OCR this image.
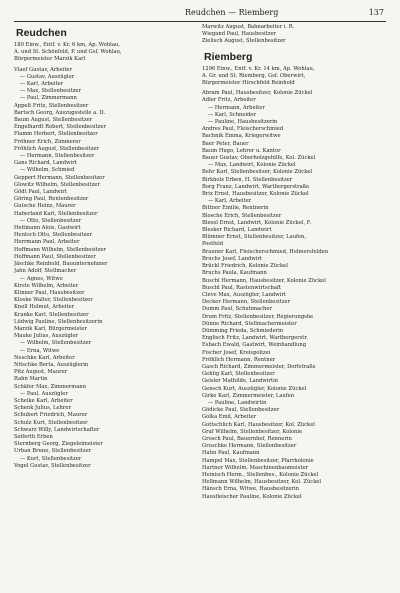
Reudchen — Riemberg	137
Reudchen
180 Einw., Entf. v. Kr. 6 km, Ap. Wohlau,
A. und St. Schönfeld, P. und Gsf. Wohlau,
Bürgermeister Marzik Karl
Vlaef Gustav, Arbeiter
— Gustav, Auszügler
— Karl, Arbeiter
— Max, Stellenbesitzer
— Paul, Zimmermann
Appelt Fritz, Stellenbesitzer
Bartsch Georg, Auszugsstelle a. D.
Baum August, Stellenbesitzer
Engelhardt Robert, Stellenbesitzer
Flamm Herbert, Stellenbesitzer
Fröhner Erich, Zimmerer
Fröhlich August, Stellenbesitzer
— Hermann, Stellenbesitzer
Gans Richard, Landwirt
— Wilhelm, Schmied
Geppert Hermann, Stellenbesitzer
Glowitz Wilhelm, Stellenbesitzer
Gödt Paul, Landwirt
Göring Paul, Rentenbesitzer
Gutsche Heinz, Maurer
Haberland Karl, Stellenbesitzer
— Otto, Stellenbesitzer
Heitmann Alois, Gastwirt
Hentsch Otto, Stellenbesitzer
Herrmann Paul, Arbeiter
Hoffmann Wilhelm, Stellenbesitzer
Hoffmann Paul, Stellenbesitzer
Jäschke Reinhold, Bauunternehmer
Jahn Adolf, Stellmacher
— Agnes, Witwe
Kirste Wilhelm, Arbeiter
Klinner Paul, Hausbesitzer
Kloske Walter, Stellenbesitzer
Knoll Helmut, Arbeiter
Kranke Karl, Stellenbesitzer
Lüdwig Pauline, Stellenbesitzerin
Marzik Karl, Bürgermeister
Mauke Julius, Auszügler
— Wilhelm, Stellenbesitzer
— Erna, Witwe
Neschke Karl, Arbeiter
Nitschke Berta, Auszüglerin
Pitz August, Maurer
Rahn Martin
Schäfer Max, Zimmermann
— Paul, Auszügler
Scheike Karl, Arbeiter
Schenk Julius, Lehrer
Schubert Friedrich, Maurer
Schulz Kurt, Stellenbesitzer
Schwarz Willy, Landwirtschafter
Seiferth Erben
Sternberg Georg, Ziegeleimeister
Urban Bruno, Stellenbesitzer
— Kurt, Stellenbesitzer
Vogel Gustav, Stellenbesitzer
Marwitz August, Bahnarbeiter i. R.
Wiegand Paul, Hausbesitzer
Zielisch August, Stellenbesitzer
Riemberg
1296 Einw., Entf. v. Kr. 14 km, Ap. Wohlau,
A. Gr. und St. Riemberg, Gsf. Oberwirt,
Bürgermeister Hirschfeld Reinhold
Abram Paul, Hausbesitzer, Kolonie Zückel
Adler Fritz, Arbeiter
— Hermann, Arbeiter
— Karl, Schneider
— Pauline, Hausbesitzerin
Andres Paul, Fleischerschmied
Bachnik Emma, Kriegerwitwe
Baer Peter, Bauer
Baum Hugo, Lehrer u. Kantor
Bauer Gustav, Oberholzgehilfe, Kol. Zückel
— Max, Landwirt, Kolonie Zückel
Behr Karl, Stellenbesitzer, Kolonie Zückel
Birkholz Erben, H. Stellenbesitzer
Borg Franz, Landwirt, Wartbergerstraße
Brix Ernst, Hausbesitzer, Kolonie Zückel
— Karl, Arbeiter
Bittner Emilie, Rentnerin
Blosche Erich, Stellenbesitzer
Blesel Ernst, Landwirt, Kolonie Zückel, F.
Blesker Richard, Landwirt
Blümner Ernst, Stellenbesitzer, Laufen,
Postfeld
Brauner Karl, Fleischerschmied, Helmersfelden
Bruchs Josef, Landwirt
Brückl Friedrich, Kolonie Zückel
Bruchs Paula, Kaufmann
Buschl Hermann, Hausbesitzer, Kolonie Zückel
Buschl Paul, Rastenwirtschaft
Cleve Max, Auszügler, Landwirt
Decker Hermann, Stellenbesitzer
Dumm Paul, Schuhmacher
Drum Fritz, Stellenbesitzer, Regierungshe
Dünne Richard, Stellmachermeister
Dümming Frieda, Schmiederin
Englisch Fritz, Landwirt, Wartbergerstr.
Esbach Ewald, Gastwirt, Weinhandlung
Fischer Josef, Kreispolizei
Fröhlich Hermann, Rentner
Gasch Richard, Zimmermeister, Dorfstraße
Gehlig Karl, Stellenbesitzer
Geisler Mathilde, Landwirtin
Gensch Kurt, Auszügler, Kolonie Zückel
Girke Karl, Zimmermeister, Laufen
— Pauline, Landwirtin
Gödicke Paul, Stellenbesitzer
Golka Emil, Arbeiter
Gottschlich Karl, Hausbesitzer, Kol. Zückel
Graf Wilhelm, Stellenbesitzer, Kolonie
Grosch Paul, Bauernhof, Rennerin
Gruschke Hermann, Stellenbesitzer
Hahn Paul, Kaufmann
Hampel Max, Stellenbesitzer, Pfarrkolonie
Hartner Wilhelm, Maschinenbaumeister
Heinisch Herm., Stellenbes., Kolonie Zückel
Hellmann Wilhelm, Hausbesitzer, Kol. Zückel
Hänsch Erna, Witwe, Hausbesitzerin
Hausfleischer Pauline, Kolonie Zückel
